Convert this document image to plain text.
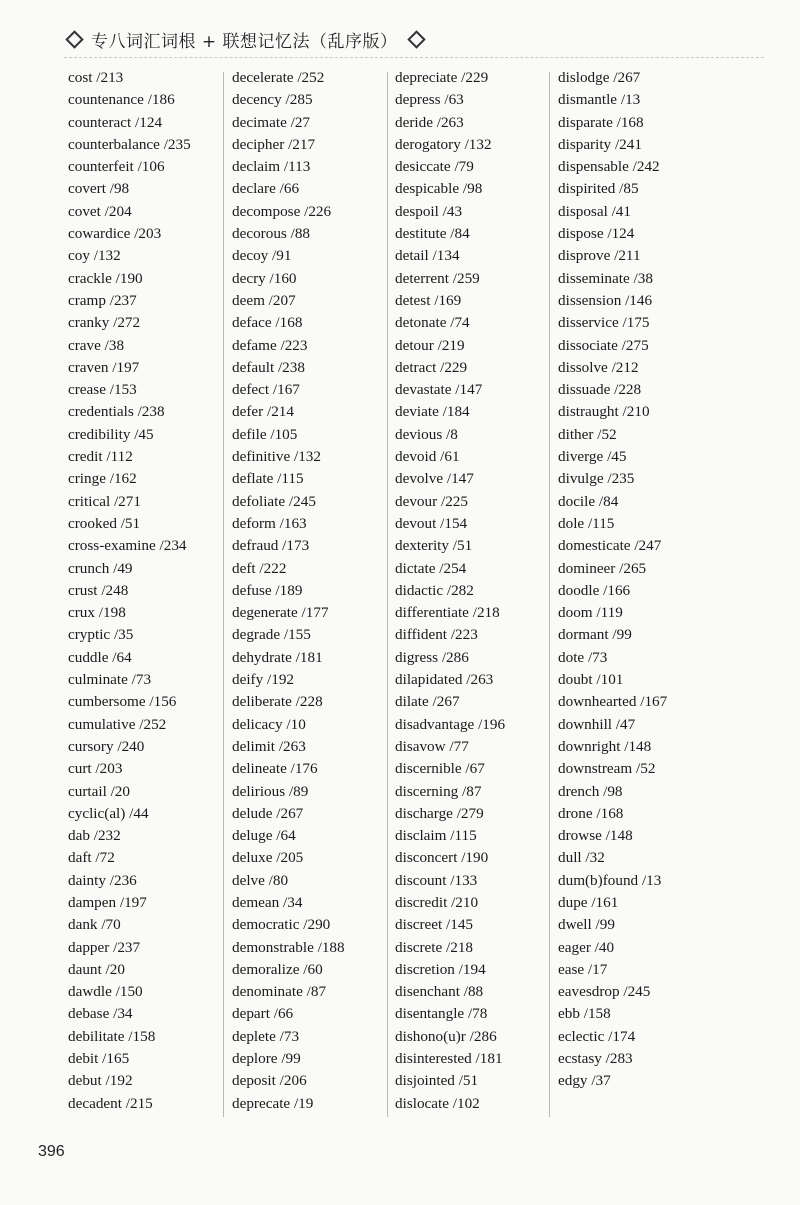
专八词汇词根 + 联想记忆法（乱序版）
cost /213
countenance /186
counteract /124
counterbalance /235
counterfeit /106
covert /98
covet /204
cowardice /203
coy /132
crackle /190
cramp /237
cranky /272
crave /38
craven /197
crease /153
credentials /238
credibility /45
credit /112
cringe /162
critical /271
crooked /51
cross-examine /234
crunch /49
crust /248
crux /198
cryptic /35
cuddle /64
culminate /73
cumbersome /156
cumulative /252
cursory /240
curt /203
curtail /20
cyclic(al) /44
dab /232
daft /72
dainty /236
dampen /197
dank /70
dapper /237
daunt /20
dawdle /150
debase /34
debilitate /158
debit /165
debut /192
decadent /215
decelerate /252
decency /285
decimate /27
decipher /217
declaim /113
declare /66
decompose /226
decorous /88
decoy /91
decry /160
deem /207
deface /168
defame /223
default /238
defect /167
defer /214
defile /105
definitive /132
deflate /115
defoliate /245
deform /163
defraud /173
deft /222
defuse /189
degenerate /177
degrade /155
dehydrate /181
deify /192
deliberate /228
delicacy /10
delimit /263
delineate /176
delirious /89
delude /267
deluge /64
deluxe /205
delve /80
demean /34
democratic /290
demonstrable /188
demoralize /60
denominate /87
depart /66
deplete /73
deplore /99
deposit /206
deprecate /19
depreciate /229
depress /63
deride /263
derogatory /132
desiccate /79
despicable /98
despoil /43
destitute /84
detail /134
deterrent /259
detest /169
detonate /74
detour /219
detract /229
devastate /147
deviate /184
devious /8
devoid /61
devolve /147
devour /225
devout /154
dexterity /51
dictate /254
didactic /282
differentiate /218
diffident /223
digress /286
dilapidated /263
dilate /267
disadvantage /196
disavow /77
discernible /67
discerning /87
discharge /279
disclaim /115
disconcert /190
discount /133
discredit /210
discreet /145
discrete /218
discretion /194
disenchant /88
disentangle /78
dishono(u)r /286
disinterested /181
disjointed /51
dislocate /102
dislodge /267
dismantle /13
disparate /168
disparity /241
dispensable /242
dispirited /85
disposal /41
dispose /124
disprove /211
disseminate /38
dissension /146
disservice /175
dissociate /275
dissolve /212
dissuade /228
distraught /210
dither /52
diverge /45
divulge /235
docile /84
dole /115
domesticate /247
domineer /265
doodle /166
doom /119
dormant /99
dote /73
doubt /101
downhearted /167
downhill /47
downright /148
downstream /52
drench /98
drone /168
drowse /148
dull /32
dum(b)found /13
dupe /161
dwell /99
eager /40
ease /17
eavesdrop /245
ebb /158
eclectic /174
ecstasy /283
edgy /37
396
